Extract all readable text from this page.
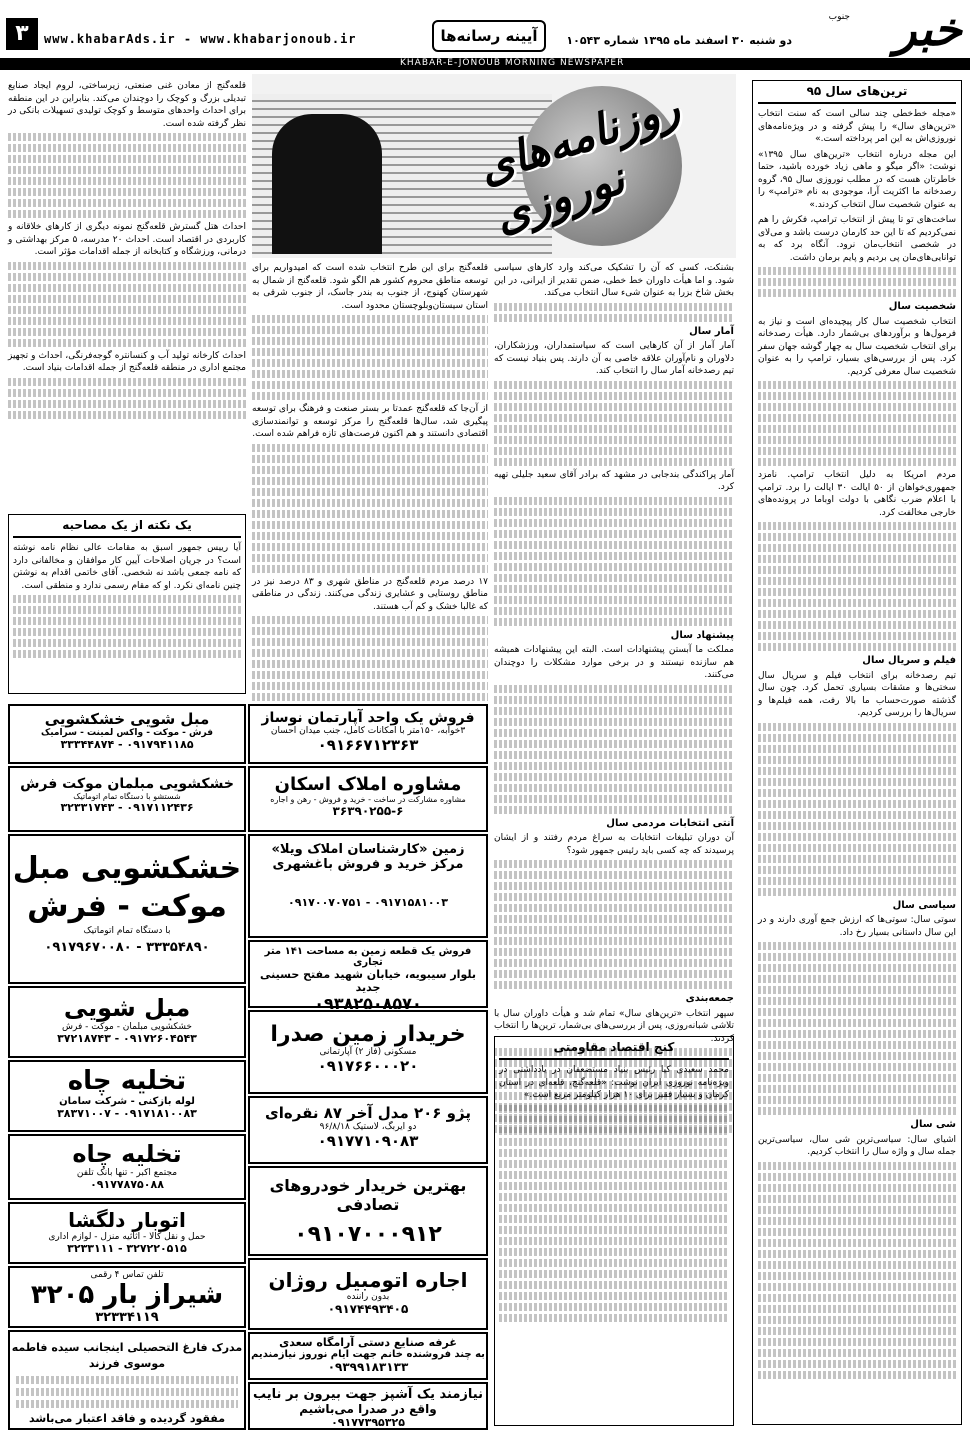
۳	www.khabarAds.ir - www.khabarjonoub.ir	آیینه رسانه‌ها	دو شنبه ۳۰ اسفند ماه ۱۳۹۵ شماره ۱۰۵۴۳ خبر
جنوب
KHABAR-E-JONOUB MORNING NEWSPAPER
ترین‌های سال ۹۵

«مجله خط‌خطی چند سالی است که سنت انتخاب «ترین‌های سال» را پیش گرفته و در ویژه‌نامه‌های نوروزی‌اش به این امر پرداخته است.»

این مجله درباره انتخاب «ترین‌های سال ۱۳۹۵» نوشت: «اگر میگو و ماهی زیاد خورده باشید، حتما خاطرتان هست که در مطلب نوروزی سال ۹۵، گروه رصدخانه ما اکثریت آرا، موجودی به نام «ترامپ» را به عنوان شخصیت سال انتخاب کردند.»

ساخت‌های تو تا پیش از انتخاب ترامپ، فکرش را هم نمی‌کردیم که تا این حد کارمان درست باشد و می‌لای در شخصی انتخاب‌مان نرود. آنگاه برد که به توانایی‌های‌مان پی بردیم و پایم برمان داشت.

شخصیت سال

انتخاب شخصیت سال کار پیچیده‌ای است و نیاز به فرمول‌ها و برآوردهای بی‌شمار دارد. هیأت رصدخانه برای انتخاب شخصیت سال به چهار گوشه جهان سفر کرد. پس از بررسی‌های بسیار، ترامپ را به عنوان شخصیت سال معرفی کردیم.

مردم امریکا به دلیل انتخاب ترامپ. نامزد جمهوری‌خواهان از ۵۰ ایالت ۳۰ ایالت را برد. ترامپ با اعلام ضرب نگاهی با دولت اوباما در پرونده‌های خارجی مخالفت کرد.

فیلم و سریال سال

تیم رصدخانه برای انتخاب فیلم و سریال سال سختی‌ها و مشقات بسیاری تحمل کرد. چون سال گذشته صورت‌حساب ما بالا رفت، همه فیلم‌ها و سریال‌ها را بررسی کردیم.

سیاسی سال

سوتی سال: سوتی‌ها که ارزش جمع آوری دارند و در این سال داستانی بسیار رخ داد.

شی سال

اشیای سال: سیاسی‌ترین شی سال، سیاسی‌ترین جمله سال و واژه سال را انتخاب کردیم.

روزنامه‌های نوروزی

بشنکت، کسی که آن را تشکیک می‌کند وارد کارهای سیاسی شود. و اما هیأت داوران خط خطی، ضمن تقدیر از ایرانی، در این بخش شاخ بزرا به عنوان شیء سال انتخاب می‌کند.

آمار سال

آمار آمار از آن کارهایی است که سیاستمداران، ورزشکاران، دلاوران و نام‌آوران علاقه خاصی به آن دارند. پس بنیاد نیست که تیم رصدخانه آمار سال را انتخاب کند.

آمار پراکندگی بندجابی در مشهد که برادر آقای سعید جلیلی تهیه کرد.

پیشنهاد سال

مملکت ما آبستن پیشنهادات است. البته این پیشنهادات همیشه هم سازنده نیستند و در برخی موارد مشکلات را دوچندان می‌کنند.

آنتی انتخابات مردمی سال

آن دوران تبلیغات انتخابات به سراغ مردم رفتند و از ایشان پرسیدند که چه کسی باید رئیس جمهور شود؟

جمعه‌بندی

سپهر انتخاب «ترین‌های سال» تمام شد و هیأت داوران سال با تلاشی شبانه‌روزی، پس از بررسی‌های بی‌شمار، ترین‌ها را انتخاب کردند.

قلعه‌گنج برای این طرح انتخاب شده است که امیدواریم برای توسعه مناطق محروم کشور هم الگو شود. قلعه‌گنج از شمال به شهرستان کهنوج، از جنوب به بندر جاسک، از جنوب شرقی به استان سیستان‌وبلوچستان محدود است.

از آن‌جا که قلعه‌گنج عمدتا بر بستر صنعت و فرهنگ برای توسعه پیگیری شد، سال‌ها قلعه‌گنج را مرکز توسعه و توانمندسازی اقتصادی دانستند و هم اکنون فرصت‌های تازه فراهم شده است.

۱۷ درصد مردم قلعه‌گنج در مناطق شهری و ۸۳ درصد نیز در مناطق روستایی و عشایری زندگی می‌کنند. زندگی در مناطقی که غالبا خشک و کم آب هستند.

کنج اقتصاد مقاومتی

محمد سعیدی کیا رئیس بنیاد مستضعفان در یادداشتی در ویژه‌نامه نوروزی ایران نوشت: «قلعه‌گنج، قلعه‌ای در استان کرمان و بسیار فقیر برای ۱۰ هزار کیلومتر مربع است.»

قلعه‌گنج از معادن غنی صنعتی، زیرساختی، لروم ایجاد صنایع تبدیلی بزرگ و کوچک را دوچندان می‌کند. بنابراین در این منطقه برای احداث واحدهای متوسط و کوچک تولیدی تسهیلات بانکی در نظر گرفته شده است.

احداث هتل گسترش قلعه‌گنج نمونه دیگری از کارهای خلاقانه و کاربردی در اقتصاد است. احداث ۲۰ مدرسه، ۵ مرکز بهداشتی و درمانی، ورزشگاه و کتابخانه از جمله اقدامات مؤثر است.

احداث کارخانه تولید آب و کنسانتره گوجه‌فرنگی، احداث و تجهیز مجتمع اداری در منطقه قلعه‌گنج از جمله اقدامات بنیاد است.

یک نکته از یک مصاحبه

آیا رییس جمهور اسبق به مقامات عالی نظام نامه نوشته است؟ در جریان اصلاحات آیین کار موافقان و مخالفانی دارد که نامه جمعی باشد نه شخصی. آقای خاتمی اقدام به نوشتن چنین نامه‌ای نکرد. او که مقام رسمی ندارد و منطقی است.

فروش یک واحد آپارتمان نوساز
۳خوابه، ۱۵۰متر با امکانات کامل، جنب میدان احسان
۰۹۱۶۶۷۱۲۳۶۳
مشاوره املاک اسکان
مشاوره مشارکت در ساخت - خرید و فروش - رهن و اجاره
۳۶۳۹۰۲۵۵-۶
زمین «کارشناسان املاک ویلا»
مرکز خرید و فروش باغشهری
۰۹۱۷۱۵۸۱۰۰۳ - ۰۹۱۷۰۰۷۰۷۵۱
فروش یک قطعه زمین به مساحت ۱۴۱ متر تجاری
بلوار سیبویه، خیابان شهید مفتح حسینی جدید
۰۹۳۸۲۵۰۸۵۷۰
خریدار زمین صدرا
مسکونی (فاز ۲) آپارتمانی
۰۹۱۷۶۶۰۰۰۲۰
پژو ۲۰۶ مدل آخر ۸۷ نقره‌ای
دو ایربگ، لاستیک ۹۶/۸/۱۸
۰۹۱۷۷۱۰۹۰۸۳
بهترین خریدار خودروهای تصادفی
۰۹۱۰۷۰۰۰۹۱۲
اجاره اتومبیل روژان
بدون راننده
۰۹۱۷۴۴۹۳۴۰۵
غرفه صنایع دستی آرامگاه سعدی
به چند فروشنده خانم جهت ایام نوروز نیازمندیم
۰۹۳۹۹۱۸۳۱۳۳
نیازمند یک آشپز جهت بیرون بر نایب
واقع در صدرا می‌باشیم
۰۹۱۷۷۳۹۵۳۲۵
مبل شویی خشکشویی
فرش - موکت - واکس لمینت - سرامیک
۰۹۱۷۹۴۱۱۸۵ - ۳۳۳۴۴۸۷۴
خشکشویی مبلمان موکت فرش
شستشو با دستگاه تمام اتوماتیک
۰۹۱۷۱۱۲۴۳۶ - ۳۲۳۳۱۷۴۳
خشکشویی مبل موکت - فرش
با دستگاه تمام اتوماتیک
۳۳۳۵۴۸۹۰ - ۰۹۱۷۹۶۷۰۰۸۰
مبل شویی
خشکشویی مبلمان - موکت - فرش
۰۹۱۷۲۶۰۴۵۴۳ - ۳۷۲۱۸۷۴۳
تخلیه چاه
لوله بازکنی - شرکت سامان
۰۹۱۷۱۸۱۰۰۸۳ - ۳۸۳۷۱۰۰۷
تخلیه چاه
مجتمع اکبر - تنها بانک تلفن
۰۹۱۷۷۸۷۵۰۸۸
اتوبار دلگشا
حمل و نقل کالا - اثاثیه منزل - لوازم اداری
۳۲۷۲۲۰۵۱۵ - ۳۲۳۳۱۱۱
تلفن تماس ۴ رقمی
شیراز بار ۳۲۰۵
۳۲۳۳۴۱۱۹
مدرک فارغ التحصیلی اینجانب سیده فاطمه موسوی فرزند
مفقود گردیده و فاقد اعتبار می‌باشد
